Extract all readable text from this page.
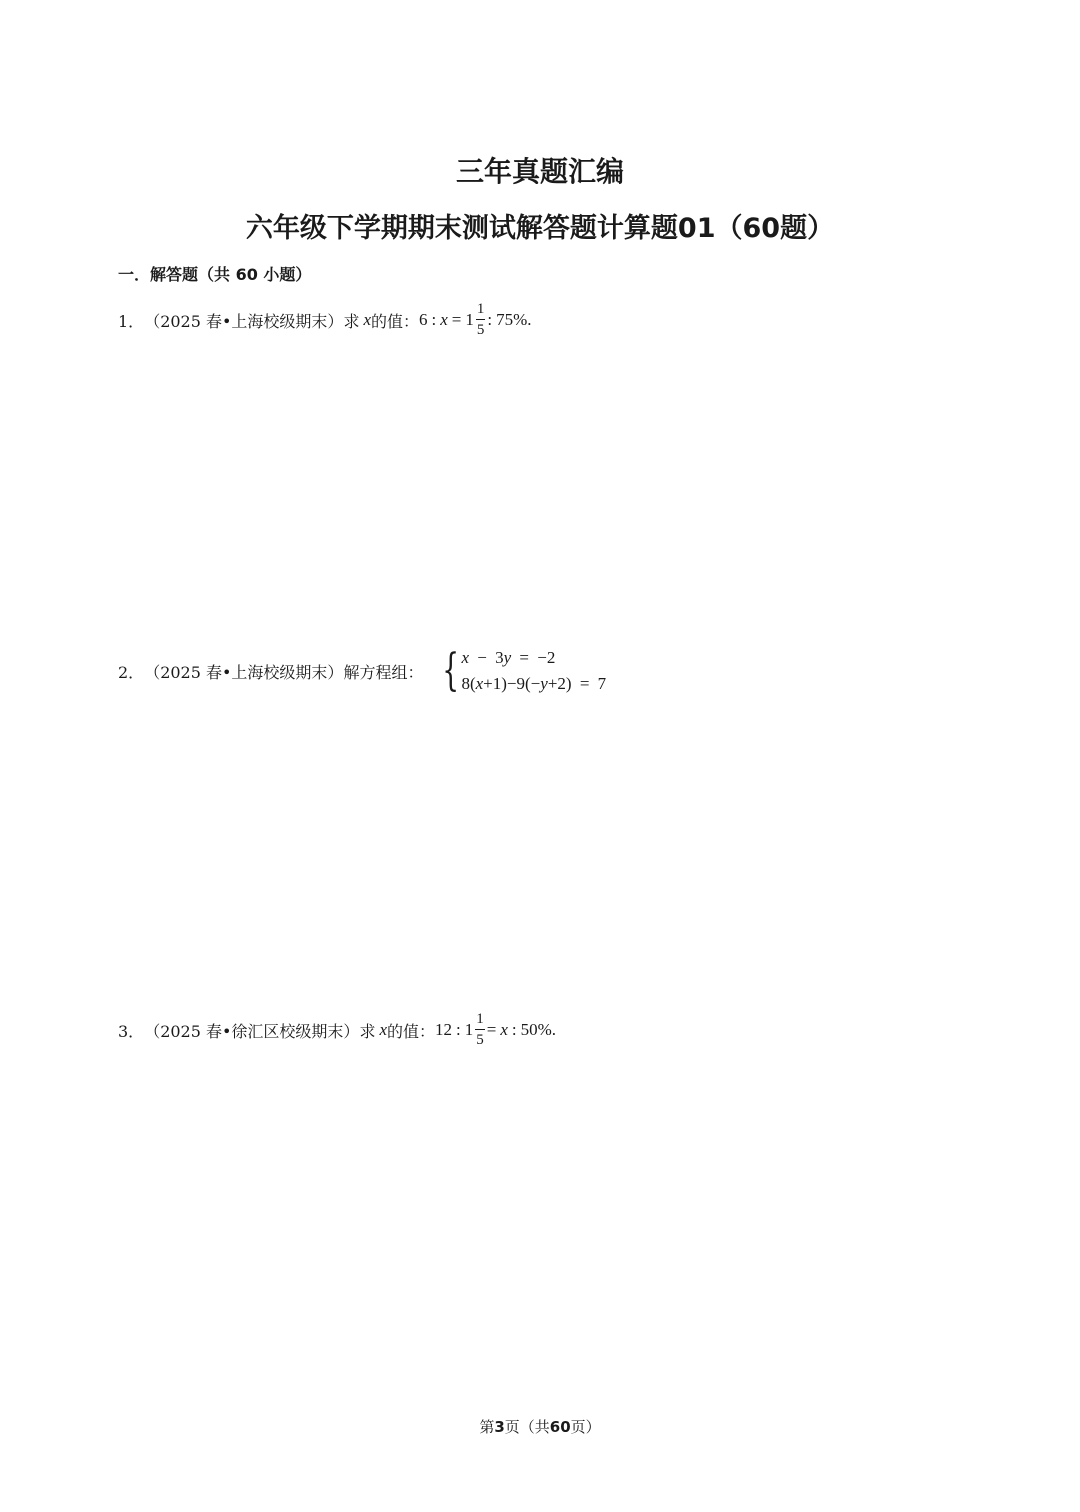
三年真题汇编
六年级下学期期末测试解答题计算题01（60题）
一．解答题（共 60 小题）
1． （2025 春•上海校级期末） 求 x 的值： 6 : $x = 1 \frac{1}{5}$ : 75% .
2． （2025 春•上海校级期末） 解方程组： { x − 3y = −2
8(x+1)−9(−y+2) = 7
3． （2025 春•徐汇区校级期末） 求 x 的值： 12 : $1 \frac{1}{5} = x$ : 50% .
第3页（共60页）
